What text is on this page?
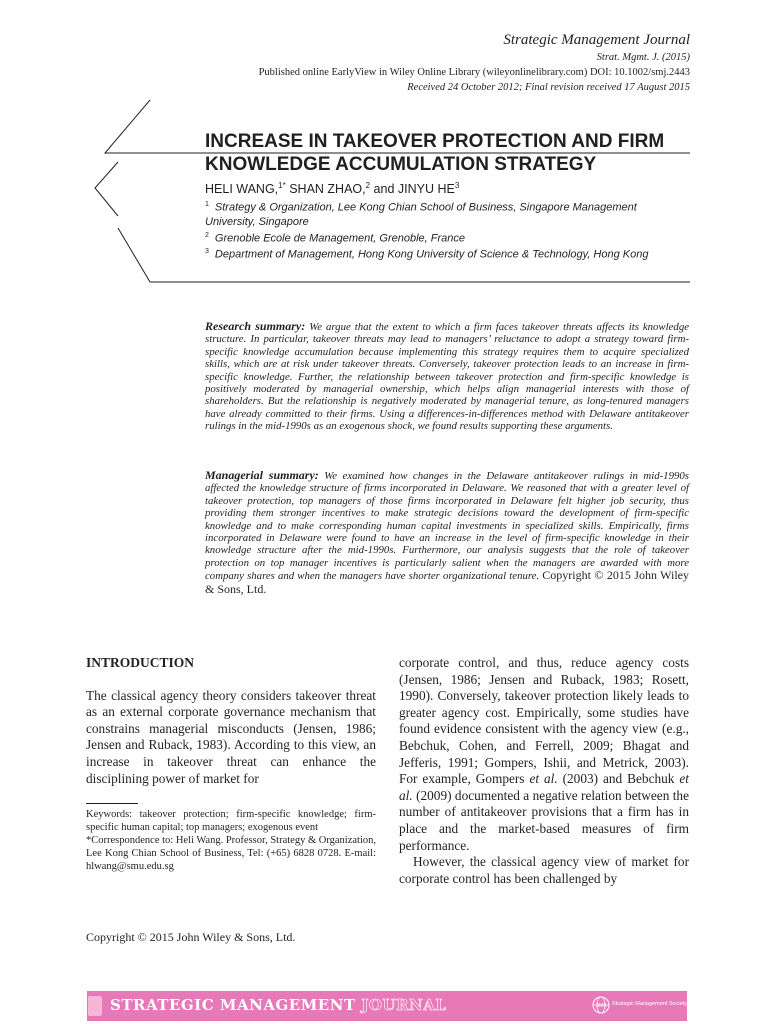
Strategic Management Journal
Strat. Mgmt. J. (2015)
Published online EarlyView in Wiley Online Library (wileyonlinelibrary.com) DOI: 10.1002/smj.2443
Received 24 October 2012; Final revision received 17 August 2015
INCREASE IN TAKEOVER PROTECTION AND FIRM
KNOWLEDGE ACCUMULATION STRATEGY
HELI WANG,$^{1*}$ SHAN ZHAO,$^2$ and JINYU $HE^3$
$^1$ Strategy & Organization, Lee Kong Chian School of Business, Singapore Management University, Singapore
$^2$ Grenoble Ecole de Management, Grenoble, France
$^3$ Department of Management, Hong Kong University of Science & Technology, Hong Kong
Research summary: We argue that the extent to which a firm faces takeover threats affects its knowledge structure. In particular, takeover threats may lead to managers’ reluctance to adopt a strategy toward firm-specific knowledge accumulation because implementing this strategy requires them to acquire specialized skills, which are at risk under takeover threats. Conversely, takeover protection leads to an increase in firm-specific knowledge. Further, the relationship between takeover protection and firm-specific knowledge is positively moderated by managerial ownership, which helps align managerial interests with those of shareholders. But the relationship is negatively moderated by managerial tenure, as long-tenured managers have already committed to their firms. Using a differences-in-differences method with Delaware antitakeover rulings in the mid-1990s as an exogenous shock, we found results supporting these arguments.
Managerial summary: We examined how changes in the Delaware antitakeover rulings in mid-1990s affected the knowledge structure of firms incorporated in Delaware. We reasoned that with a greater level of takeover protection, top managers of those firms incorporated in Delaware felt higher job security, thus providing them stronger incentives to make strategic decisions toward the development of firm-specific knowledge and to make corresponding human capital investments in specialized skills. Empirically, firms incorporated in Delaware were found to have an increase in the level of firm-specific knowledge in their knowledge structure after the mid-1990s. Furthermore, our analysis suggests that the role of takeover protection on top manager incentives is particularly salient when the managers are awarded with more company shares and when the managers have shorter organizational tenure. Copyright © 2015 John Wiley & Sons, Ltd.
INTRODUCTION

The classical agency theory considers takeover threat as an external corporate governance mechanism that constrains managerial misconducts (Jensen, 1986; Jensen and Ruback, 1983). According to this view, an increase in takeover threat can enhance the disciplining power of market for

corporate control, and thus, reduce agency costs (Jensen, 1986; Jensen and Ruback, 1983; Rosett, 1990). Conversely, takeover protection likely leads to greater agency cost. Empirically, some studies have found evidence consistent with the agency view (e.g., Bebchuk, Cohen, and Ferrell, 2009; Bhagat and Jefferis, 1991; Gompers, Ishii, and Metrick, 2003). For example, Gompers et al. (2003) and Bebchuk et al. (2009) documented a negative relation between the number of antitakeover provisions that a firm has in place and the market-based measures of firm performance.

However, the classical agency view of market for corporate control has been challenged by

Keywords: takeover protection; firm-specific knowledge; firm-specific human capital; top managers; exogenous event

*Correspondence to: Heli Wang. Professor, Strategy & Organization, Lee Kong Chian School of Business, Tel: (+65) 6828 0728. E-mail: hlwang@smu.edu.sg

Copyright © 2015 John Wiley & Sons, Ltd.
STRATEGIC MANAGEMENT JOURNAL	SMS Strategic Management Society
